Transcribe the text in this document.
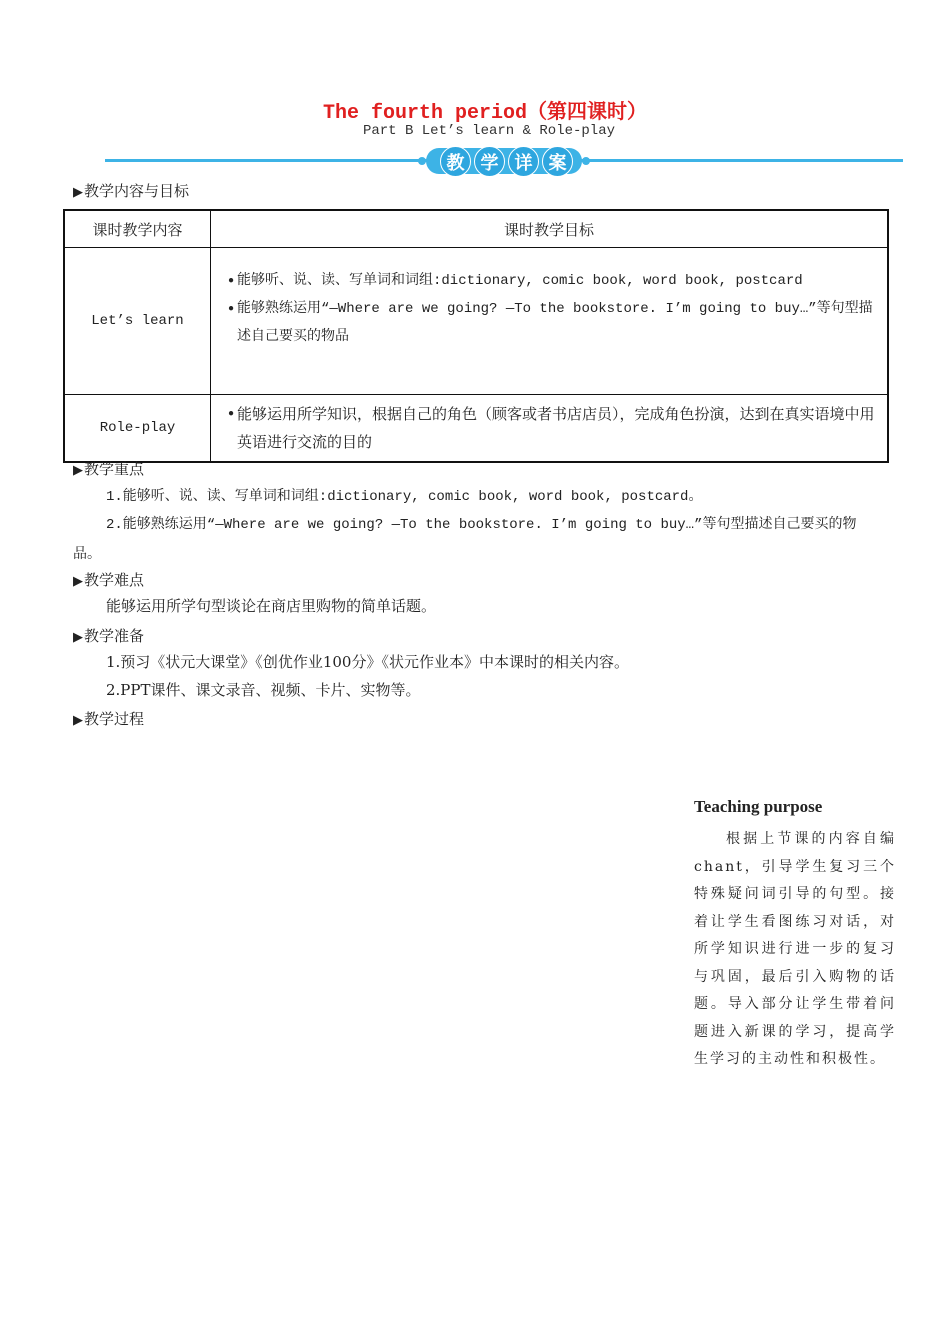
The fourth period（第四课时）
Part B Let’s learn & Role-play
教 学 详 案
▶教学内容与目标
课时教学内容	课时教学目标
Let’s learn	• 能够听、说、读、写单词和词组:dictionary, comic book, word book, postcard
• 能够熟练运用“—Where are we going? —To the bookstore. I’m going to buy…”等句型描述自己要买的物品

Role-play	• 能够运用所学知识，根据自己的角色（顾客或者书店店员），完成角色扮演，达到在真实语境中用英语进行交流的目的
▶教学重点
1.能够听、说、读、写单词和词组:dictionary, comic book, word book, postcard。
2.能够熟练运用“—Where are we going? —To the bookstore. I’m going to buy…”等句型描述自己要买的物品。
▶教学难点
能够运用所学句型谈论在商店里购物的简单话题。
▶教学准备
1.预习《状元大课堂》《创优作业100分》《状元作业本》中本课时的相关内容。
2.PPT课件、课文录音、视频、卡片、实物等。
▶教学过程
Teaching purpose
根据上节课的内容自编chant，引导学生复习三个特殊疑问词引导的句型。接着让学生看图练习对话，对所学知识进行进一步的复习与巩固，最后引入购物的话题。导入部分让学生带着问题进入新课的学习，提高学生学习的主动性和积极性。
